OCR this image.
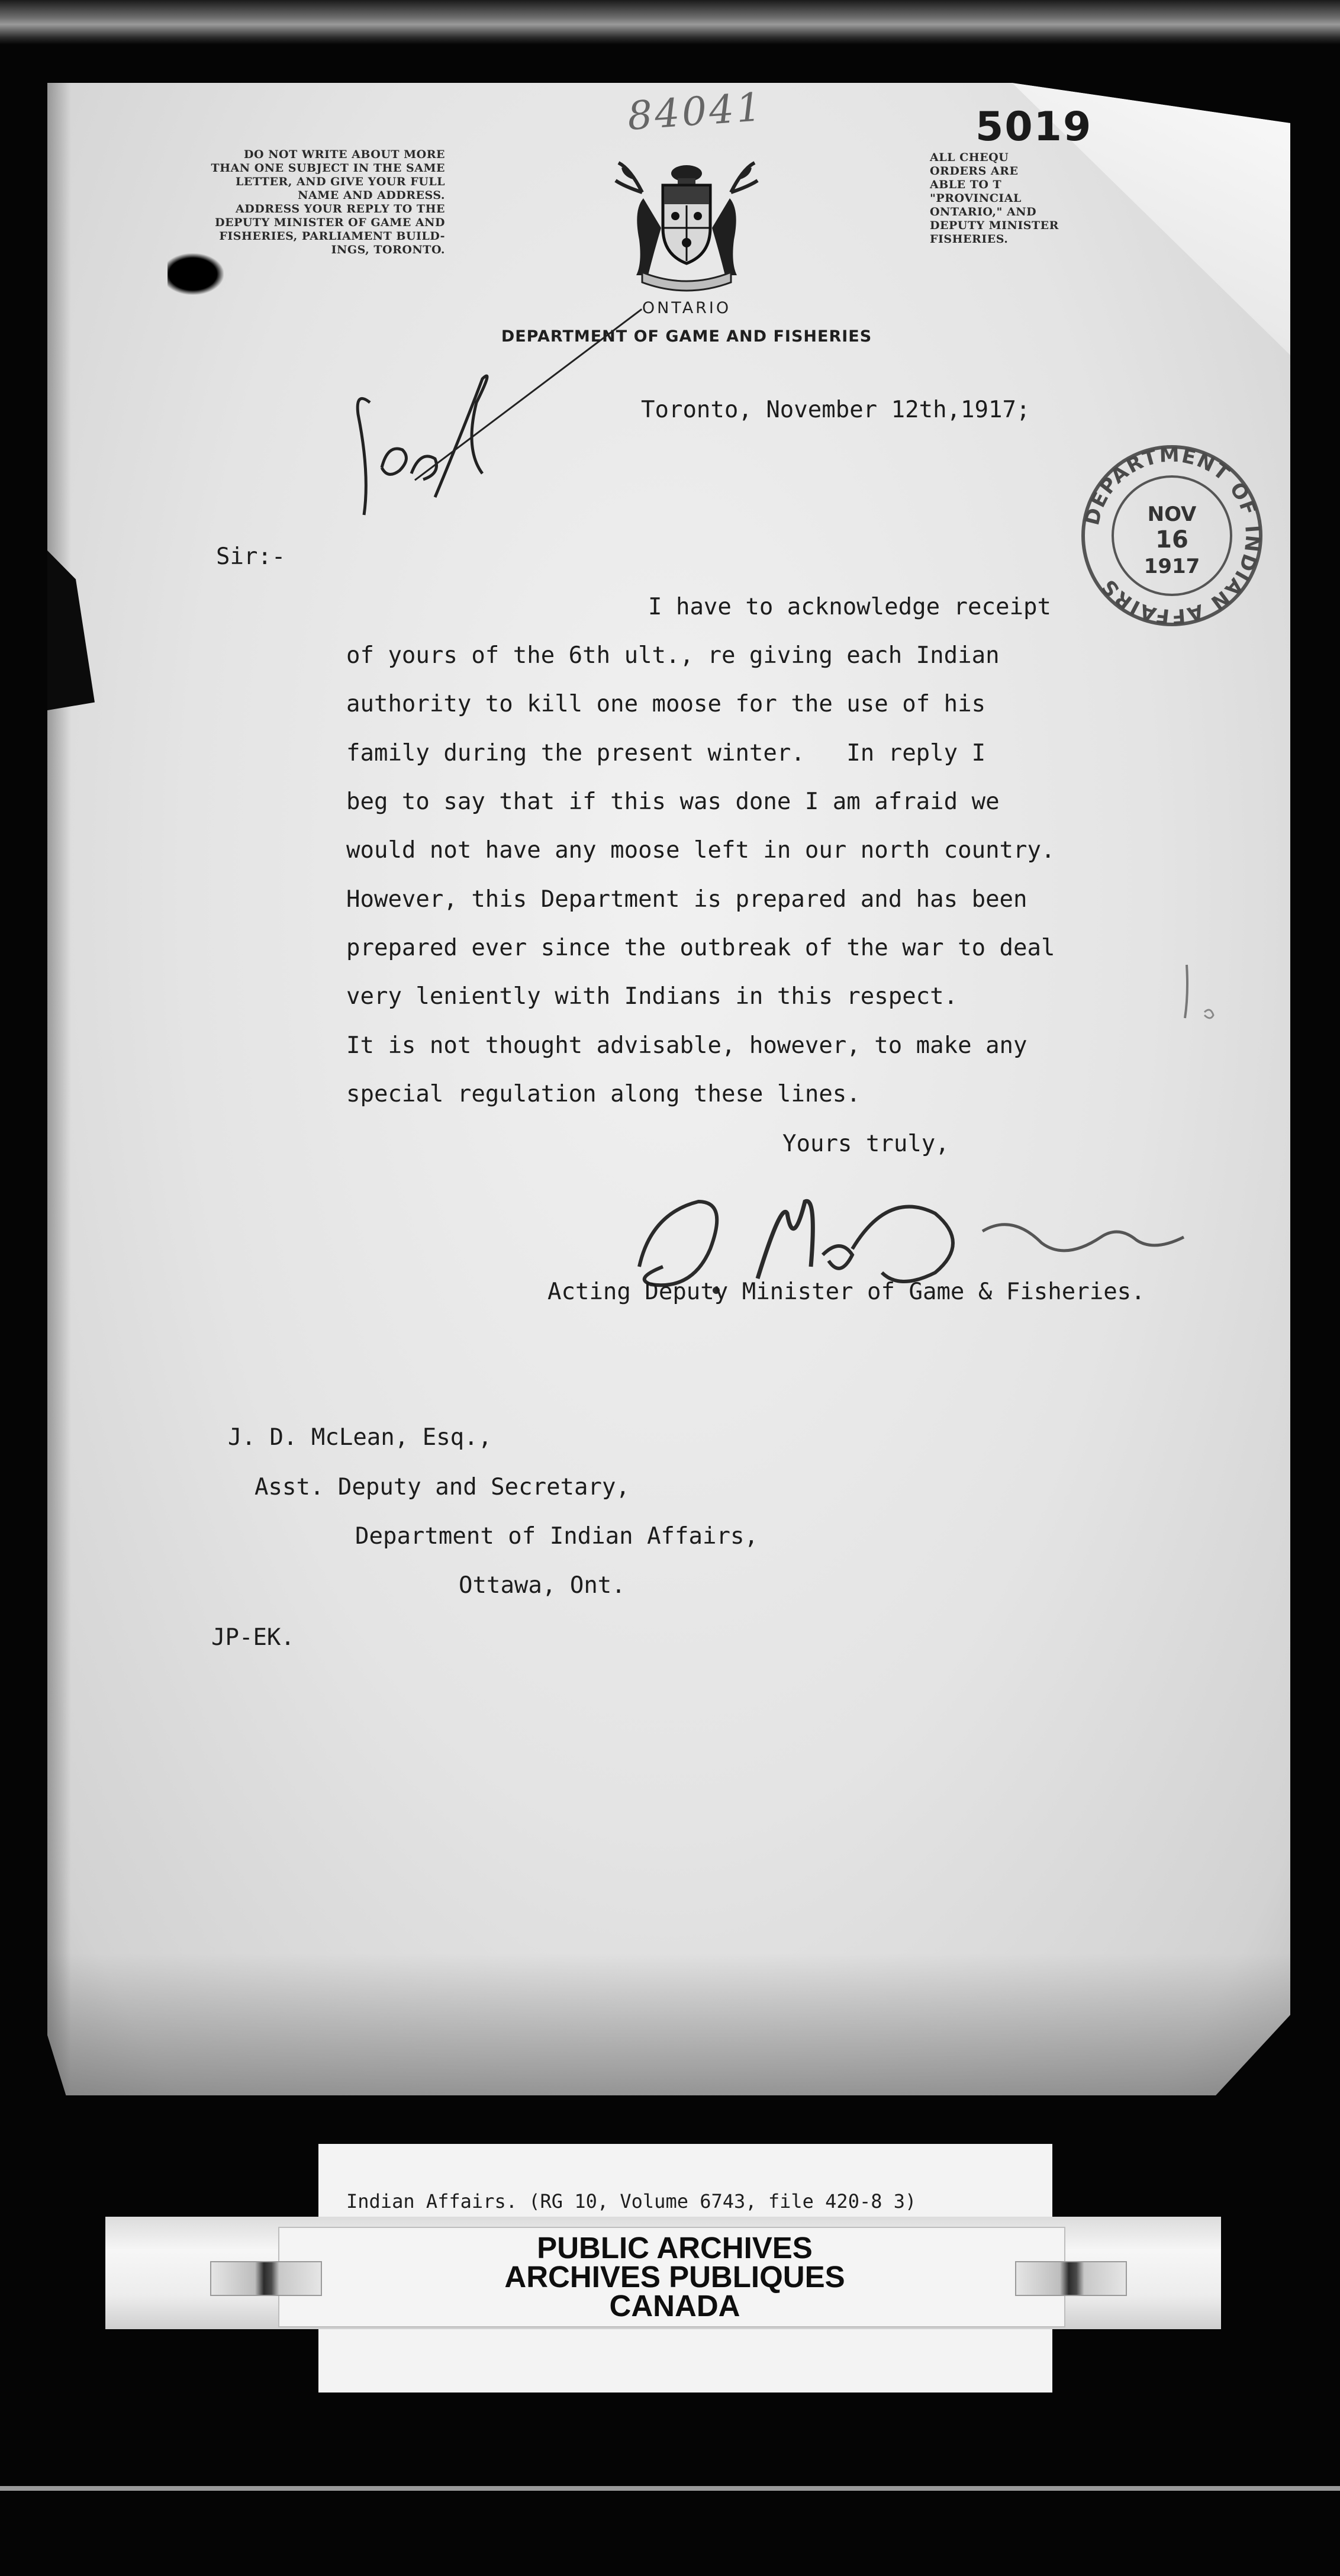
DO NOT WRITE ABOUT MORE
THAN ONE SUBJECT IN THE SAME
LETTER, AND GIVE YOUR FULL
NAME AND ADDRESS.
ADDRESS YOUR REPLY TO THE
DEPUTY MINISTER OF GAME AND
FISHERIES, PARLIAMENT BUILD-
INGS, TORONTO.
ALL CHEQU
ORDERS ARE
ABLE TO T
"PROVINCIAL
ONTARIO," AND
DEPUTY MINISTER
FISHERIES.
ONTARIO
DEPARTMENT OF GAME AND FISHERIES
84041	5019
DEPARTMENT OF INDIAN AFFAIRS
NOV
16
1917
Toronto, November 12th,1917;
Sir:-
I have to acknowledge receipt
of yours of the 6th ult., re giving each Indian
authority to kill one moose for the use of his
family during the present winter.   In reply I
beg to say that if this was done I am afraid we
would not have any moose left in our north country.
However, this Department is prepared and has been
prepared ever since the outbreak of the war to deal
very leniently with Indians in this respect.
It is not thought advisable, however, to make any
special regulation along these lines.
Yours truly,
Acting Deputy Minister of Game & Fisheries.
J. D. McLean, Esq.,
Asst. Deputy and Secretary,
Department of Indian Affairs,
Ottawa, Ont.
JP-EK.
Indian Affairs. (RG 10, Volume 6743, file 420-8 3)
PUBLIC ARCHIVES
ARCHIVES PUBLIQUES
CANADA
